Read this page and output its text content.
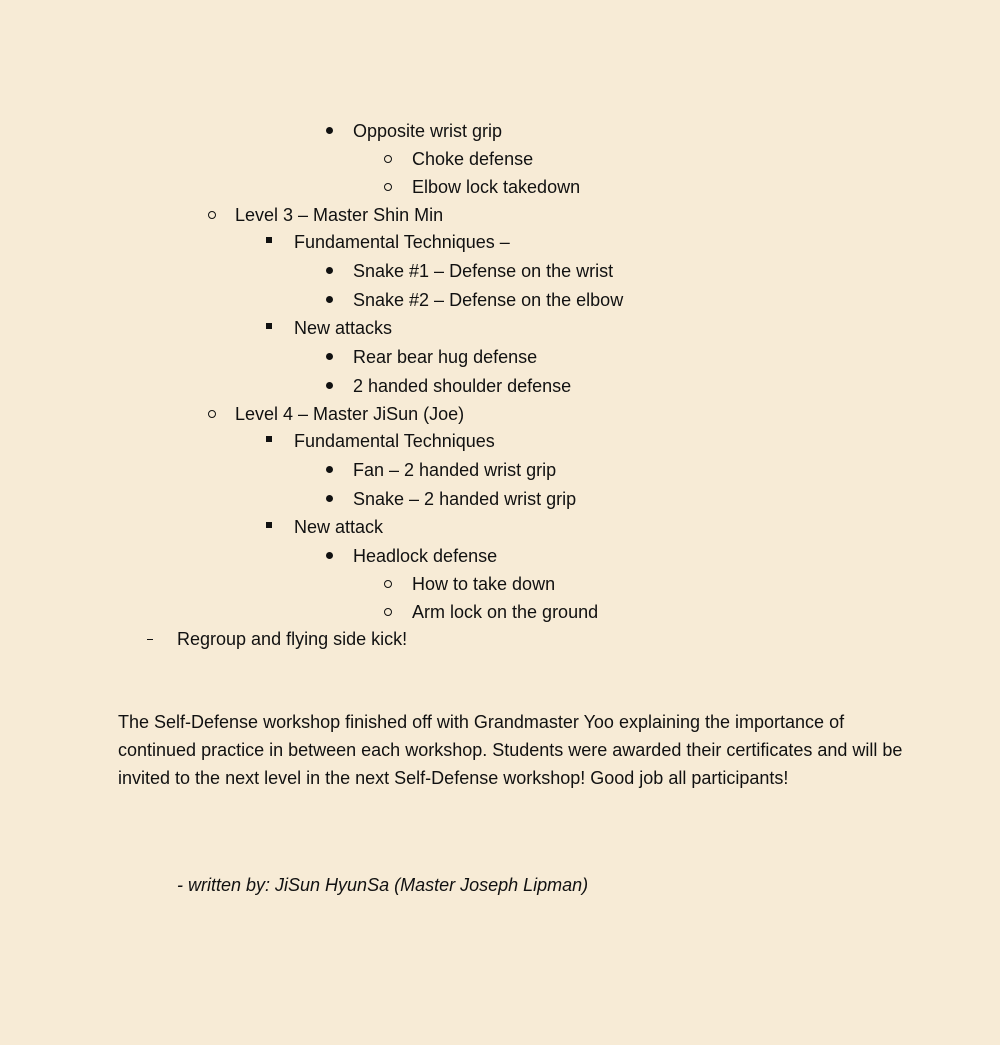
Opposite wrist grip
Choke defense
Elbow lock takedown
Level 3 – Master Shin Min
Fundamental Techniques –
Snake #1 – Defense on the wrist
Snake #2 – Defense on the elbow
New attacks
Rear bear hug defense
2 handed shoulder defense
Level 4 – Master JiSun (Joe)
Fundamental Techniques
Fan – 2 handed wrist grip
Snake – 2 handed wrist grip
New attack
Headlock defense
How to take down
Arm lock on the ground
Regroup and flying side kick!

The Self-Defense workshop finished off with Grandmaster Yoo explaining the importance of continued practice in between each workshop. Students were awarded their certificates and will be invited to the next level in the next Self-Defense workshop! Good job all participants!

- written by: JiSun HyunSa (Master Joseph Lipman)
